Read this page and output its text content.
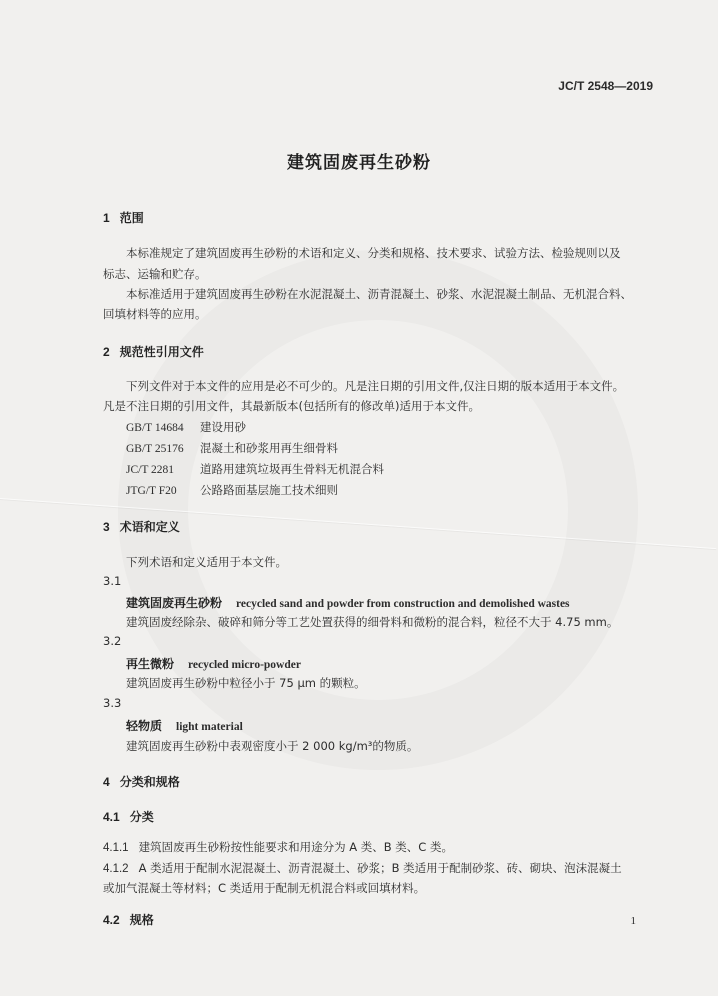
JC/T 2548—2019
建筑固废再生砂粉
1 范围
本标准规定了建筑固废再生砂粉的术语和定义、分类和规格、技术要求、试验方法、检验规则以及
标志、运输和贮存。
本标准适用于建筑固废再生砂粉在水泥混凝土、沥青混凝土、砂浆、水泥混凝土制品、无机混合料、
回填材料等的应用。
2 规范性引用文件
下列文件对于本文件的应用是必不可少的。凡是注日期的引用文件,仅注日期的版本适用于本文件。
凡是不注日期的引用文件，其最新版本(包括所有的修改单)适用于本文件。
GB/T 14684 建设用砂
GB/T 25176 混凝土和砂浆用再生细骨料
JC/T 2281 道路用建筑垃圾再生骨料无机混合料
JTG/T F20 公路路面基层施工技术细则
3 术语和定义
下列术语和定义适用于本文件。
3.1
建筑固废再生砂粉 recycled sand and powder from construction and demolished wastes
建筑固废经除杂、破碎和筛分等工艺处置获得的细骨料和微粉的混合料，粒径不大于 4.75 mm。
3.2
再生微粉 recycled micro-powder
建筑固废再生砂粉中粒径小于 75 μm 的颗粒。
3.3
轻物质 light material
建筑固废再生砂粉中表观密度小于 2 000 kg/m³的物质。
4 分类和规格
4.1 分类
4.1.1 建筑固废再生砂粉按性能要求和用途分为 A 类、B 类、C 类。
4.1.2 A 类适用于配制水泥混凝土、沥青混凝土、砂浆；B 类适用于配制砂浆、砖、砌块、泡沫混凝土
或加气混凝土等材料；C 类适用于配制无机混合料或回填材料。
4.2 规格	1
